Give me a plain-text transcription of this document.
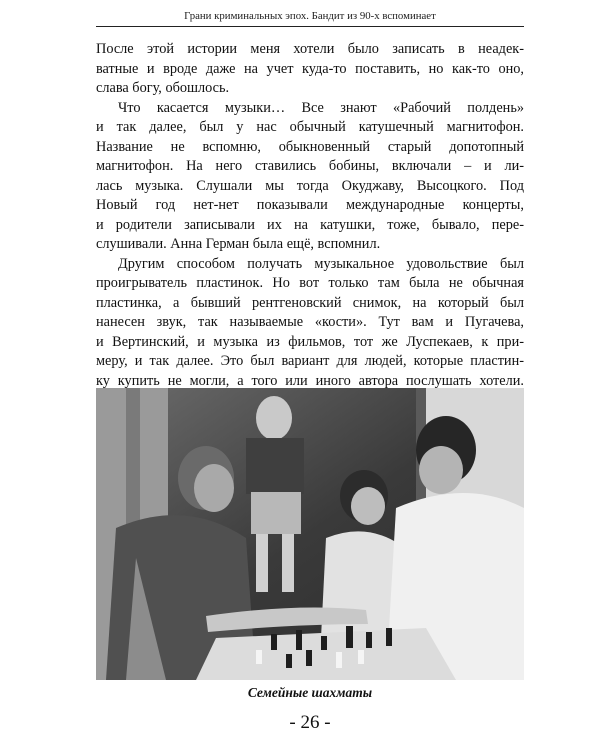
Грани криминальных эпох. Бандит из 90-х вспоминает
После этой истории меня хотели было записать в неадек-
ватные и вроде даже на учет куда-то поставить, но как-то оно,
слава богу, обошлось.
Что касается музыки… Все знают «Рабочий полдень»
и так далее, был у нас обычный катушечный магнитофон.
Название не вспомню, обыкновенный старый допотопный
магнитофон. На него ставились бобины, включали – и ли-
лась музыка. Слушали мы тогда Окуджаву, Высоцкого. Под
Новый год нет-нет показывали международные концерты,
и родители записывали их на катушки, тоже, бывало, пере-
слушивали. Анна Герман была ещё, вспомнил.
Другим способом получать музыкальное удовольствие был
проигрыватель пластинок. Но вот только там была не обычная
пластинка, а бывший рентгеновский снимок, на который был
нанесен звук, так называемые «кости». Тут вам и Пугачева,
и Вертинский, и музыка из фильмов, тот же Луспекаев, к при-
меру, и так далее. Это был вариант для людей, которые пластин-
ку купить не могли, а того или иного автора послушать хотели.
Семейные шахматы
- 26 -
